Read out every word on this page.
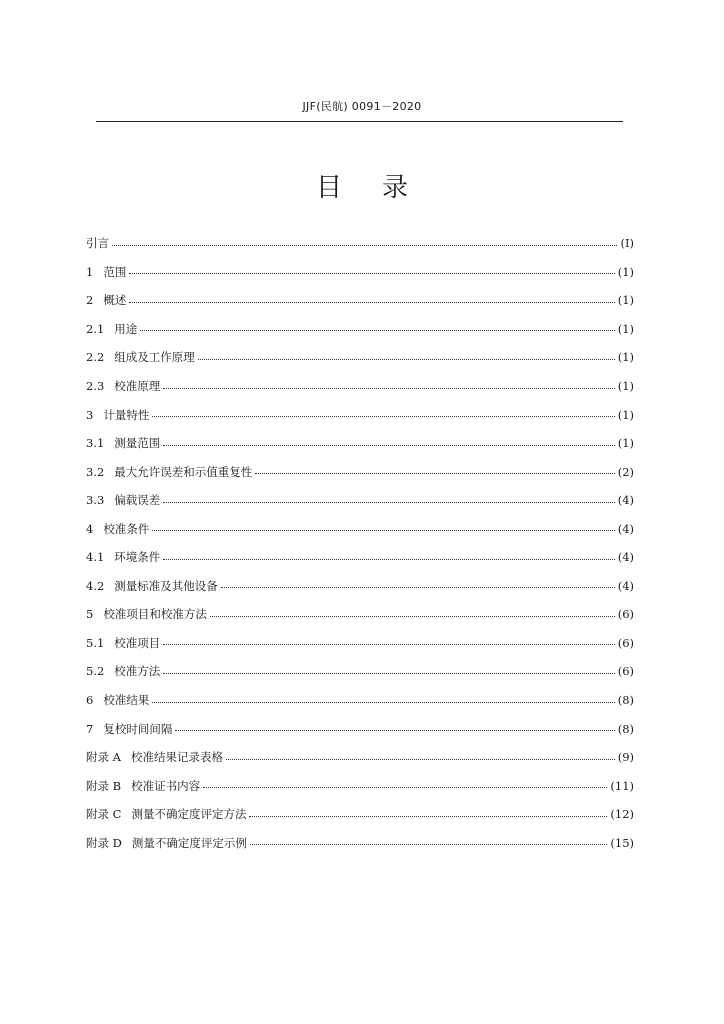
JJF(民航) 0091－2020
目录
引言	(Ⅰ)
1 范围	(1)
2 概述	(1)
2.1 用途	(1)
2.2 组成及工作原理	(1)
2.3 校准原理	(1)
3 计量特性	(1)
3.1 测量范围	(1)
3.2 最大允许误差和示值重复性	(2)
3.3 偏载误差	(4)
4 校准条件	(4)
4.1 环境条件	(4)
4.2 测量标准及其他设备	(4)
5 校准项目和校准方法	(6)
5.1 校准项目	(6)
5.2 校准方法	(6)
6 校准结果	(8)
7 复校时间间隔	(8)
附录 A 校准结果记录表格	(9)
附录 B 校准证书内容	(11)
附录 C 测量不确定度评定方法	(12)
附录 D 测量不确定度评定示例	(15)
